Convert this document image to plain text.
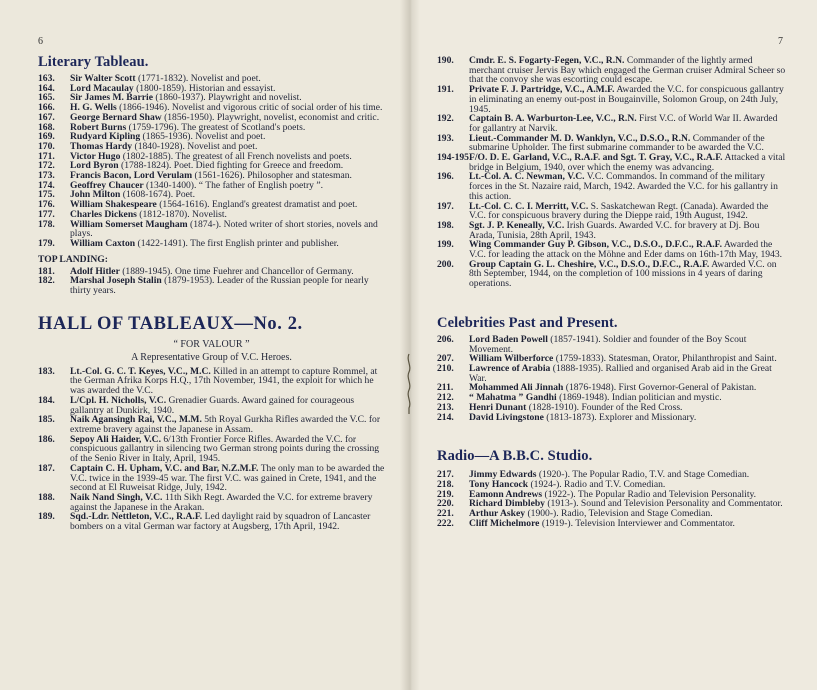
6
Literary Tableau.
163. Sir Walter Scott (1771-1832). Novelist and poet.
164. Lord Macaulay (1800-1859). Historian and essayist.
165. Sir James M. Barrie (1860-1937). Playwright and novelist.
166. H. G. Wells (1866-1946). Novelist and vigorous critic of social order of his time.
167. George Bernard Shaw (1856-1950). Playwright, novelist, economist and critic.
168. Robert Burns (1759-1796). The greatest of Scotland's poets.
169. Rudyard Kipling (1865-1936). Novelist and poet.
170. Thomas Hardy (1840-1928). Novelist and poet.
171. Victor Hugo (1802-1885). The greatest of all French novelists and poets.
172. Lord Byron (1788-1824). Poet. Died fighting for Greece and freedom.
173. Francis Bacon, Lord Verulam (1561-1626). Philosopher and statesman.
174. Geoffrey Chaucer (1340-1400). “ The father of English poetry ”.
175. John Milton (1608-1674). Poet.
176. William Shakespeare (1564-1616). England's greatest dramatist and poet.
177. Charles Dickens (1812-1870). Novelist.
178. William Somerset Maugham (1874-). Noted writer of short stories, novels and plays.
179. William Caxton (1422-1491). The first English printer and publisher.
TOP LANDING:
181. Adolf Hitler (1889-1945). One time Fuehrer and Chancellor of Germany.
182. Marshal Joseph Stalin (1879-1953). Leader of the Russian people for nearly thirty years.
HALL OF TABLEAUX—No. 2.
“ FOR VALOUR ”
A Representative Group of V.C. Heroes.
183. Lt.-Col. G. C. T. Keyes, V.C., M.C. Killed in an attempt to capture Rommel, at the German Afrika Korps H.Q., 17th November, 1941, the exploit for which he was awarded the V.C.
184. L/Cpl. H. Nicholls, V.C. Grenadier Guards. Award gained for courageous gallantry at Dunkirk, 1940.
185. Naik Agansingh Rai, V.C., M.M. 5th Royal Gurkha Rifles awarded the V.C. for extreme bravery against the Japanese in Assam.
186. Sepoy Ali Haider, V.C. 6/13th Frontier Force Rifles. Awarded the V.C. for conspicuous gallantry in silencing two German strong points during the crossing of the Senio River in Italy, April, 1945.
187. Captain C. H. Upham, V.C. and Bar, N.Z.M.F. The only man to be awarded the V.C. twice in the 1939-45 war. The first V.C. was gained in Crete, 1941, and the second at El Ruweisat Ridge, July, 1942.
188. Naik Nand Singh, V.C. 11th Sikh Regt. Awarded the V.C. for extreme bravery against the Japanese in the Arakan.
189. Sqd.-Ldr. Nettleton, V.C., R.A.F. Led daylight raid by squadron of Lancaster bombers on a vital German war factory at Augsberg, 17th April, 1942.
7
190. Cmdr. E. S. Fogarty-Fegen, V.C., R.N. Commander of the lightly armed merchant cruiser Jervis Bay which engaged the German cruiser Admiral Scheer so that the convoy she was escorting could escape.
191. Private F. J. Partridge, V.C., A.M.F. Awarded the V.C. for conspicuous gallantry in eliminating an enemy out-post in Bougainville, Solomon Group, on 24th July, 1945.
192. Captain B. A. Warburton-Lee, V.C., R.N. First V.C. of World War II. Awarded for gallantry at Narvik.
193. Lieut.-Commander M. D. Wanklyn, V.C., D.S.O., R.N. Commander of the submarine Upholder. The first submarine commander to be awarded the V.C.
194-195 F/O. D. E. Garland, V.C., R.A.F. and Sgt. T. Gray, V.C., R.A.F. Attacked a vital bridge in Belgium, 1940, over which the enemy was advancing.
196. Lt.-Col. A. C. Newman, V.C. V.C. Commandos. In command of the military forces in the St. Nazaire raid, March, 1942. Awarded the V.C. for his gallantry in this action.
197. Lt.-Col. C. C. I. Merritt, V.C. S. Saskatchewan Regt. (Canada). Awarded the V.C. for conspicuous bravery during the Dieppe raid, 19th August, 1942.
198. Sgt. J. P. Keneally, V.C. Irish Guards. Awarded V.C. for bravery at Dj. Bou Arada, Tunisia, 28th April, 1943.
199. Wing Commander Guy P. Gibson, V.C., D.S.O., D.F.C., R.A.F. Awarded the V.C. for leading the attack on the Möhne and Eder dams on 16th-17th May, 1943.
200. Group Captain G. L. Cheshire, V.C., D.S.O., D.F.C., R.A.F. Awarded V.C. on 8th September, 1944, on the completion of 100 missions in 4 years of daring operations.
Celebrities Past and Present.
206. Lord Baden Powell (1857-1941). Soldier and founder of the Boy Scout Movement.
207. William Wilberforce (1759-1833). Statesman, Orator, Philanthropist and Saint.
210. Lawrence of Arabia (1888-1935). Rallied and organised Arab aid in the Great War.
211. Mohammed Ali Jinnah (1876-1948). First Governor-General of Pakistan.
212. “ Mahatma ” Gandhi (1869-1948). Indian politician and mystic.
213. Henri Dunant (1828-1910). Founder of the Red Cross.
214. David Livingstone (1813-1873). Explorer and Missionary.
Radio—A B.B.C. Studio.
217. Jimmy Edwards (1920-). The Popular Radio, T.V. and Stage Comedian.
218. Tony Hancock (1924-). Radio and T.V. Comedian.
219. Eamonn Andrews (1922-). The Popular Radio and Television Personality.
220. Richard Dimbleby (1913-). Sound and Television Personality and Commentator.
221. Arthur Askey (1900-). Radio, Television and Stage Comedian.
222. Cliff Michelmore (1919-). Television Interviewer and Commentator.
